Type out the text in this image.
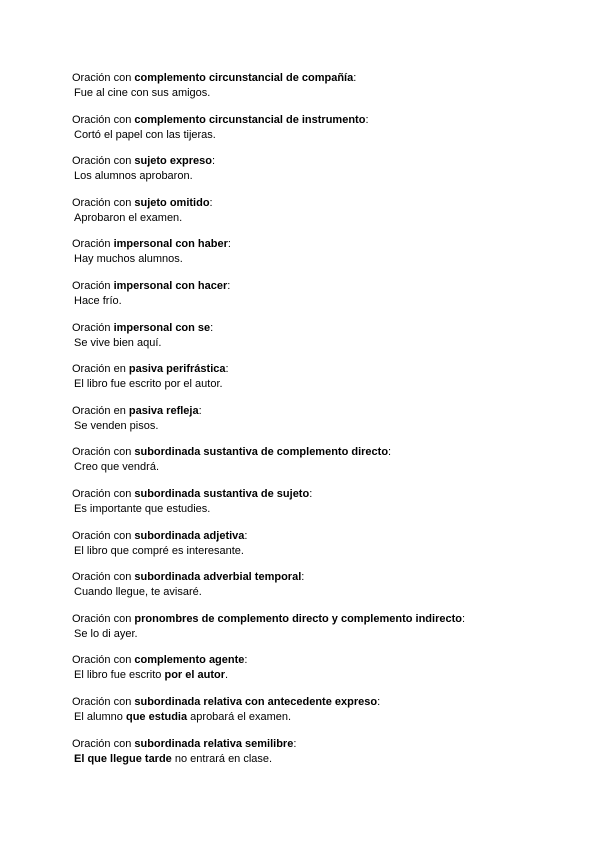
Oración con complemento circunstancial de compañía:
Fue al cine con sus amigos.
Oración con complemento circunstancial de instrumento:
Cortó el papel con las tijeras.
Oración con sujeto expreso:
Los alumnos aprobaron.
Oración con sujeto omitido:
Aprobaron el examen.
Oración impersonal con haber:
Hay muchos alumnos.
Oración impersonal con hacer:
Hace frío.
Oración impersonal con se:
Se vive bien aquí.
Oración en pasiva perifrástica:
El libro fue escrito por el autor.
Oración en pasiva refleja:
Se venden pisos.
Oración con subordinada sustantiva de complemento directo:
Creo que vendrá.
Oración con subordinada sustantiva de sujeto:
Es importante que estudies.
Oración con subordinada adjetiva:
El libro que compré es interesante.
Oración con subordinada adverbial temporal:
Cuando llegue, te avisaré.
Oración con pronombres de complemento directo y complemento indirecto:
Se lo di ayer.
Oración con complemento agente:
El libro fue escrito por el autor.
Oración con subordinada relativa con antecedente expreso:
El alumno que estudia aprobará el examen.
Oración con subordinada relativa semilibre:
El que llegue tarde no entrará en clase.
